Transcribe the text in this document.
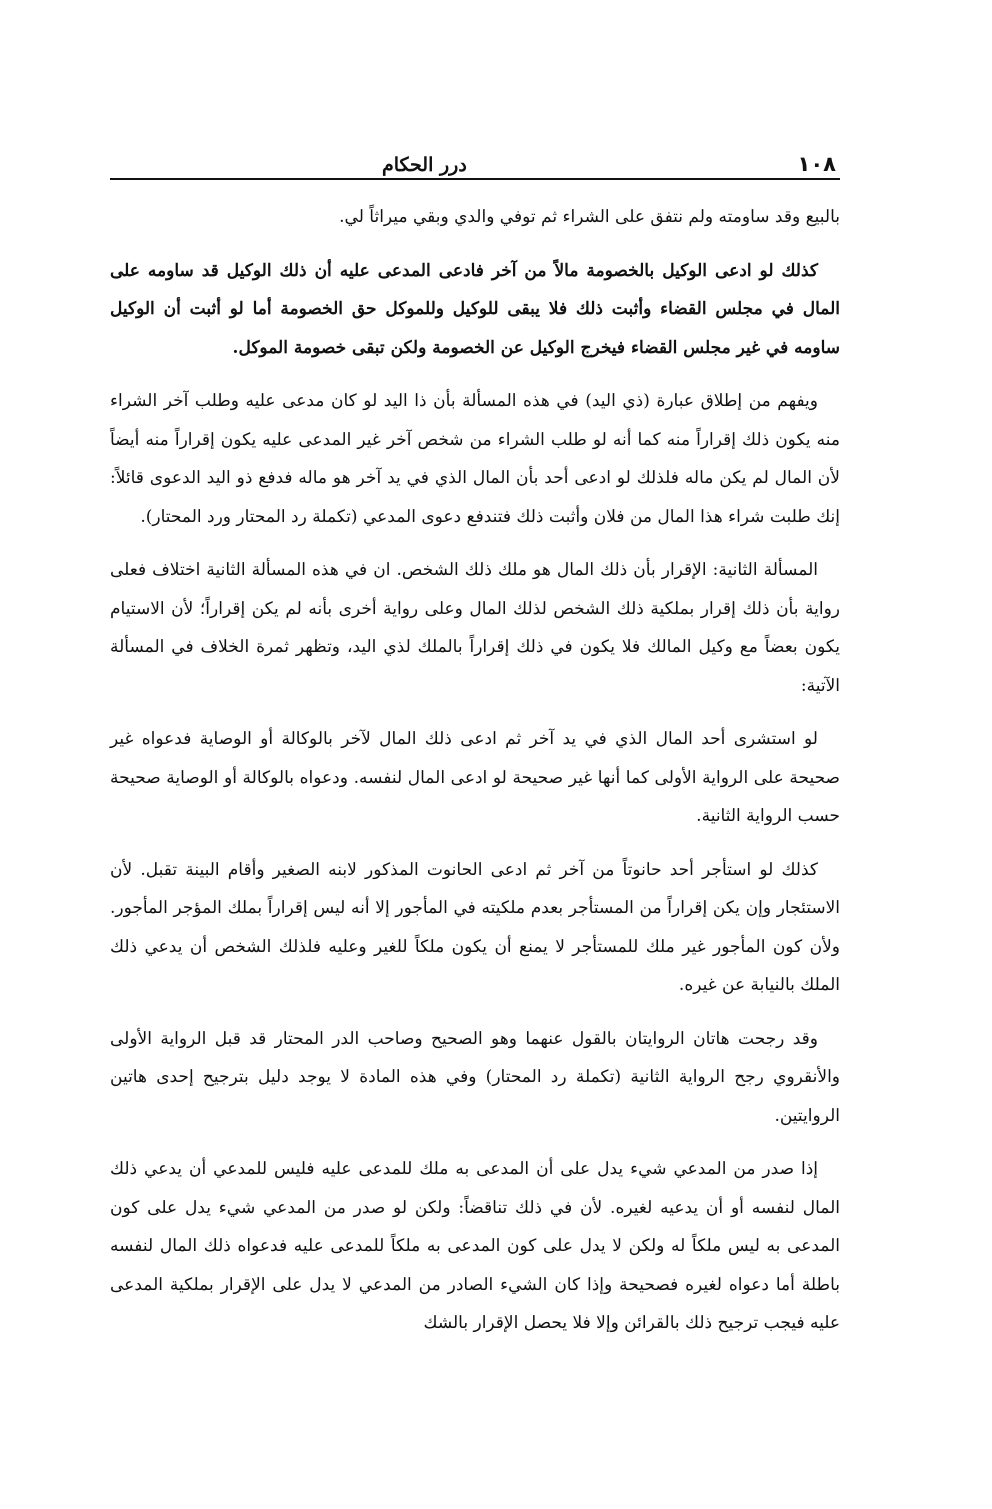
١٠٨
درر الحكام

بالبيع وقد ساومته ولم نتفق على الشراء ثم توفي والدي وبقي ميراثاً لي.

كذلك لو ادعى الوكيل بالخصومة مالاً من آخر فادعى المدعى عليه أن ذلك الوكيل قد ساومه على المال في مجلس القضاء وأثبت ذلك فلا يبقى للوكيل وللموكل حق الخصومة أما لو أثبت أن الوكيل ساومه في غير مجلس القضاء فيخرج الوكيل عن الخصومة ولكن تبقى خصومة الموكل.

ويفهم من إطلاق عبارة (ذي اليد) في هذه المسألة بأن ذا اليد لو كان مدعى عليه وطلب آخر الشراء منه يكون ذلك إقراراً منه كما أنه لو طلب الشراء من شخص آخر غير المدعى عليه يكون إقراراً منه أيضاً لأن المال لم يكن ماله فلذلك لو ادعى أحد بأن المال الذي في يد آخر هو ماله فدفع ذو اليد الدعوى قائلاً: إنك طلبت شراء هذا المال من فلان وأثبت ذلك فتندفع دعوى المدعي (تكملة رد المحتار ورد المحتار).

المسألة الثانية: الإقرار بأن ذلك المال هو ملك ذلك الشخص. ان في هذه المسألة الثانية اختلاف فعلى رواية بأن ذلك إقرار بملكية ذلك الشخص لذلك المال وعلى رواية أخرى بأنه لم يكن إقراراً؛ لأن الاستيام يكون بعضاً مع وكيل المالك فلا يكون في ذلك إقراراً بالملك لذي اليد، وتظهر ثمرة الخلاف في المسألة الآتية:

لو استشرى أحد المال الذي في يد آخر ثم ادعى ذلك المال لآخر بالوكالة أو الوصاية فدعواه غير صحيحة على الرواية الأولى كما أنها غير صحيحة لو ادعى المال لنفسه. ودعواه بالوكالة أو الوصاية صحيحة حسب الرواية الثانية.

كذلك لو استأجر أحد حانوتاً من آخر ثم ادعى الحانوت المذكور لابنه الصغير وأقام البينة تقبل. لأن الاستئجار وإن يكن إقراراً من المستأجر بعدم ملكيته في المأجور إلا أنه ليس إقراراً بملك المؤجر المأجور. ولأن كون المأجور غير ملك للمستأجر لا يمنع أن يكون ملكاً للغير وعليه فلذلك الشخص أن يدعي ذلك الملك بالنيابة عن غيره.

وقد رجحت هاتان الروايتان بالقول عنهما وهو الصحيح وصاحب الدر المحتار قد قبل الرواية الأولى والأنقروي رجح الرواية الثانية (تكملة رد المحتار) وفي هذه المادة لا يوجد دليل بترجيح إحدى هاتين الروايتين.

إذا صدر من المدعي شيء يدل على أن المدعى به ملك للمدعى عليه فليس للمدعي أن يدعي ذلك المال لنفسه أو أن يدعيه لغيره. لأن في ذلك تناقضاً: ولكن لو صدر من المدعي شيء يدل على كون المدعى به ليس ملكاً له ولكن لا يدل على كون المدعى به ملكاً للمدعى عليه فدعواه ذلك المال لنفسه باطلة أما دعواه لغيره فصحيحة وإذا كان الشيء الصادر من المدعي لا يدل على الإقرار بملكية المدعى عليه فيجب ترجيح ذلك بالقرائن وإلا فلا يحصل الإقرار بالشك
